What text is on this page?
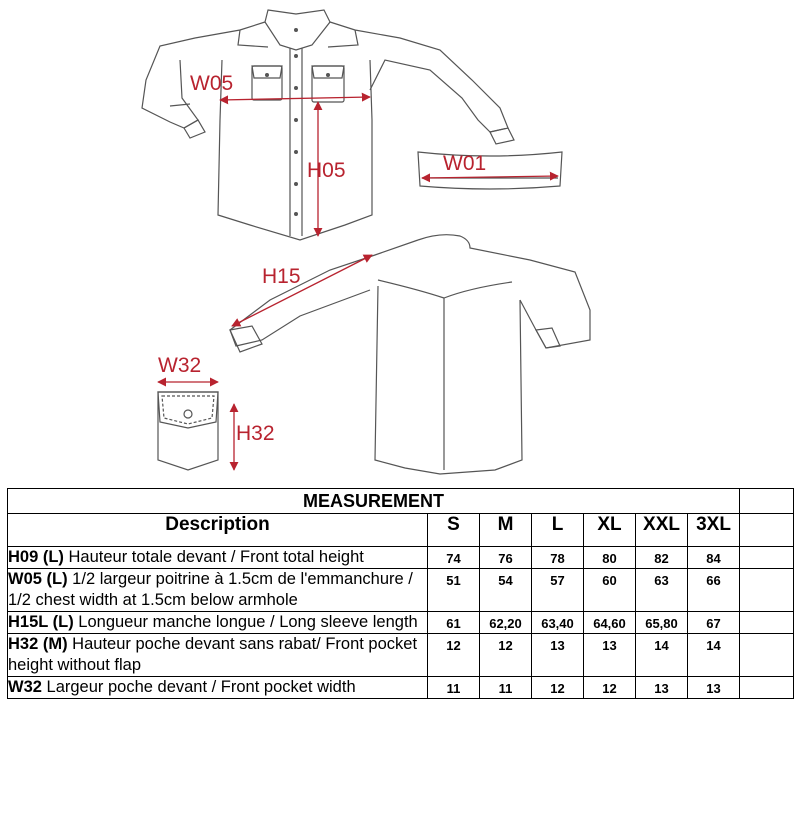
W05
H05	W01
H15
W32
H32
MEASUREMENT							
Description	S	M	L	XL	XXL	3XL	
H09 (L) Hauteur totale devant / Front total height	74	76	78	80	82	84	
W05 (L) 1/2 largeur poitrine à 1.5cm de l'emmanchure / 1/2 chest width at 1.5cm below armhole	51	54	57	60	63	66	
H15L (L) Longueur manche longue / Long sleeve length	61	62,20	63,40	64,60	65,80	67	
H32 (M) Hauteur poche devant sans rabat/ Front pocket height without flap	12	12	13	13	14	14	
W32 Largeur poche devant / Front pocket width	11	11	12	12	13	13	
